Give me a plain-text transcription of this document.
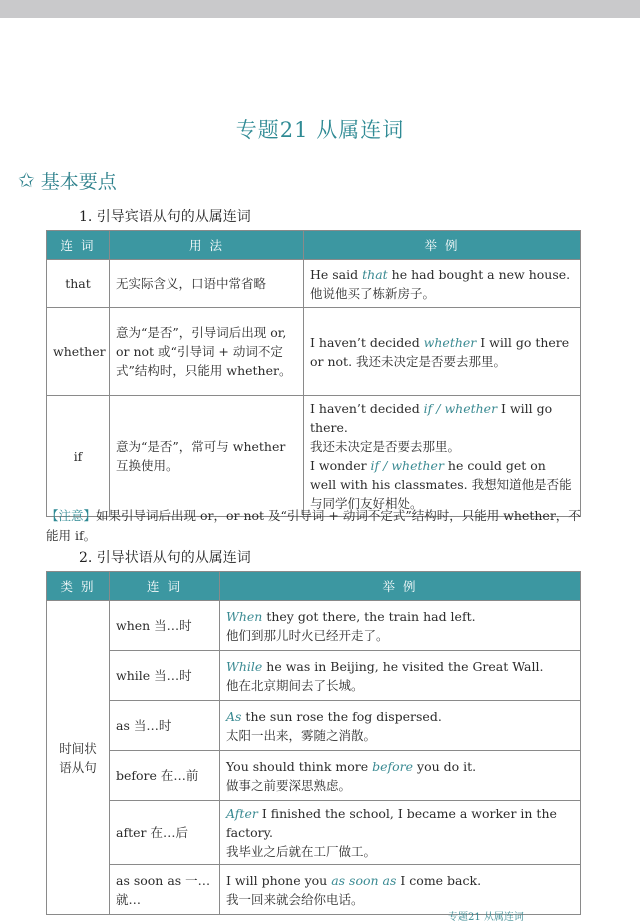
专题21 从属连词
✩ 基本要点
1. 引导宾语从句的从属连词
连 词	用 法	举 例
that	无实际含义，口语中常省略	He said that he had bought a new house.
他说他买了栋新房子。

whether	意为“是否”，引导词后出现 or, or not 或“引导词 + 动词不定式”结构时，只能用 whether。	I haven’t decided whether I will go there or not. 我还未决定是否要去那里。

if	意为“是否”，常可与 whether 互换使用。	I haven’t decided if / whether I will go there.
我还未决定是否要去那里。
I wonder if / whether he could get on well with his classmates. 我想知道他是否能与同学们友好相处。
【注意】如果引导词后出现 or，or not 及“引导词 + 动词不定式”结构时，只能用 whether，不能用 if。
2. 引导状语从句的从属连词
类 别	连 词	举 例
时间状语从句	when 当…时	When they got there, the train had left.
他们到那儿时火已经开走了。

	while 当…时	While he was in Beijing, he visited the Great Wall.
他在北京期间去了长城。

	as 当…时	As the sun rose the fog dispersed.
太阳一出来，雾随之消散。

	before 在…前	You should think more before you do it.
做事之前要深思熟虑。

	after 在…后	After I finished the school, I became a worker in the factory.
我毕业之后就在工厂做工。

	as soon as 一…就…	I will phone you as soon as I come back.
我一回来就会给你电话。
专题21 从属连词
